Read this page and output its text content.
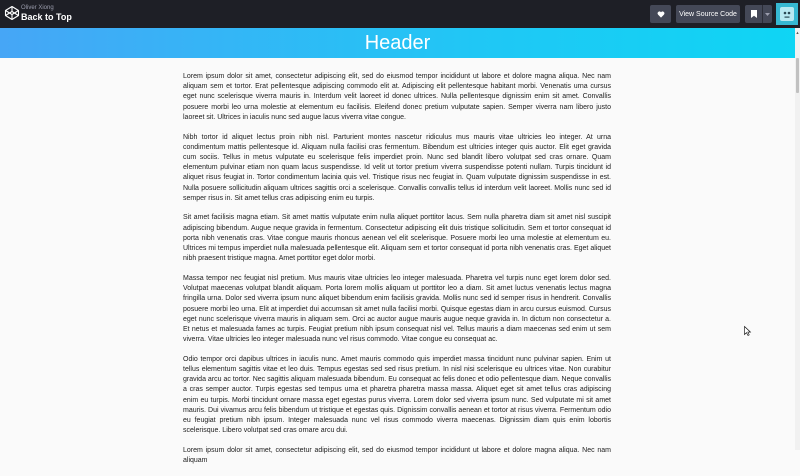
Oliver Xiong
Back to Top	View Source Code
Header	▲

Lorem ipsum dolor sit amet, consectetur adipiscing elit, sed do eiusmod tempor incididunt ut labore et dolore magna aliqua. Nec nam aliquam sem et tortor. Erat pellentesque adipiscing commodo elit at. Adipiscing elit pellentesque habitant morbi. Venenatis urna cursus eget nunc scelerisque viverra mauris in. Interdum velit laoreet id donec ultrices. Nulla pellentesque dignissim enim sit amet. Convallis posuere morbi leo urna molestie at elementum eu facilisis. Eleifend donec pretium vulputate sapien. Semper viverra nam libero justo laoreet sit. Ultrices in iaculis nunc sed augue lacus viverra vitae congue.

Nibh tortor id aliquet lectus proin nibh nisl. Parturient montes nascetur ridiculus mus mauris vitae ultricies leo integer. At urna condimentum mattis pellentesque id. Aliquam nulla facilisi cras fermentum. Bibendum est ultricies integer quis auctor. Elit eget gravida cum sociis. Tellus in metus vulputate eu scelerisque felis imperdiet proin. Nunc sed blandit libero volutpat sed cras ornare. Quam elementum pulvinar etiam non quam lacus suspendisse. Id velit ut tortor pretium viverra suspendisse potenti nullam. Turpis tincidunt id aliquet risus feugiat in. Tortor condimentum lacinia quis vel. Tristique risus nec feugiat in. Quam vulputate dignissim suspendisse in est. Nulla posuere sollicitudin aliquam ultrices sagittis orci a scelerisque. Convallis convallis tellus id interdum velit laoreet. Mollis nunc sed id semper risus in. Sit amet tellus cras adipiscing enim eu turpis.

Sit amet facilisis magna etiam. Sit amet mattis vulputate enim nulla aliquet porttitor lacus. Sem nulla pharetra diam sit amet nisl suscipit adipiscing bibendum. Augue neque gravida in fermentum. Consectetur adipiscing elit duis tristique sollicitudin. Sem et tortor consequat id porta nibh venenatis cras. Vitae congue mauris rhoncus aenean vel elit scelerisque. Posuere morbi leo urna molestie at elementum eu. Ultrices mi tempus imperdiet nulla malesuada pellentesque elit. Aliquam sem et tortor consequat id porta nibh venenatis cras. Eget aliquet nibh praesent tristique magna. Amet porttitor eget dolor morbi.

Massa tempor nec feugiat nisl pretium. Mus mauris vitae ultricies leo integer malesuada. Pharetra vel turpis nunc eget lorem dolor sed. Volutpat maecenas volutpat blandit aliquam. Porta lorem mollis aliquam ut porttitor leo a diam. Sit amet luctus venenatis lectus magna fringilla urna. Dolor sed viverra ipsum nunc aliquet bibendum enim facilisis gravida. Mollis nunc sed id semper risus in hendrerit. Convallis posuere morbi leo urna. Elit at imperdiet dui accumsan sit amet nulla facilisi morbi. Quisque egestas diam in arcu cursus euismod. Cursus eget nunc scelerisque viverra mauris in aliquam sem. Orci ac auctor augue mauris augue neque gravida in. In dictum non consectetur a. Et netus et malesuada fames ac turpis. Feugiat pretium nibh ipsum consequat nisl vel. Tellus mauris a diam maecenas sed enim ut sem viverra. Vitae ultricies leo integer malesuada nunc vel risus commodo. Vitae congue eu consequat ac.

Odio tempor orci dapibus ultrices in iaculis nunc. Amet mauris commodo quis imperdiet massa tincidunt nunc pulvinar sapien. Enim ut tellus elementum sagittis vitae et leo duis. Tempus egestas sed sed risus pretium. In nisl nisi scelerisque eu ultrices vitae. Non curabitur gravida arcu ac tortor. Nec sagittis aliquam malesuada bibendum. Eu consequat ac felis donec et odio pellentesque diam. Neque convallis a cras semper auctor. Turpis egestas sed tempus urna et pharetra pharetra massa massa. Aliquet eget sit amet tellus cras adipiscing enim eu turpis. Morbi tincidunt ornare massa eget egestas purus viverra. Lorem dolor sed viverra ipsum nunc. Sed vulputate mi sit amet mauris. Dui vivamus arcu felis bibendum ut tristique et egestas quis. Dignissim convallis aenean et tortor at risus viverra. Fermentum odio eu feugiat pretium nibh ipsum. Integer malesuada nunc vel risus commodo viverra maecenas. Dignissim diam quis enim lobortis scelerisque. Libero volutpat sed cras ornare arcu dui.

Lorem ipsum dolor sit amet, consectetur adipiscing elit, sed do eiusmod tempor incididunt ut labore et dolore magna aliqua. Nec nam aliquam
